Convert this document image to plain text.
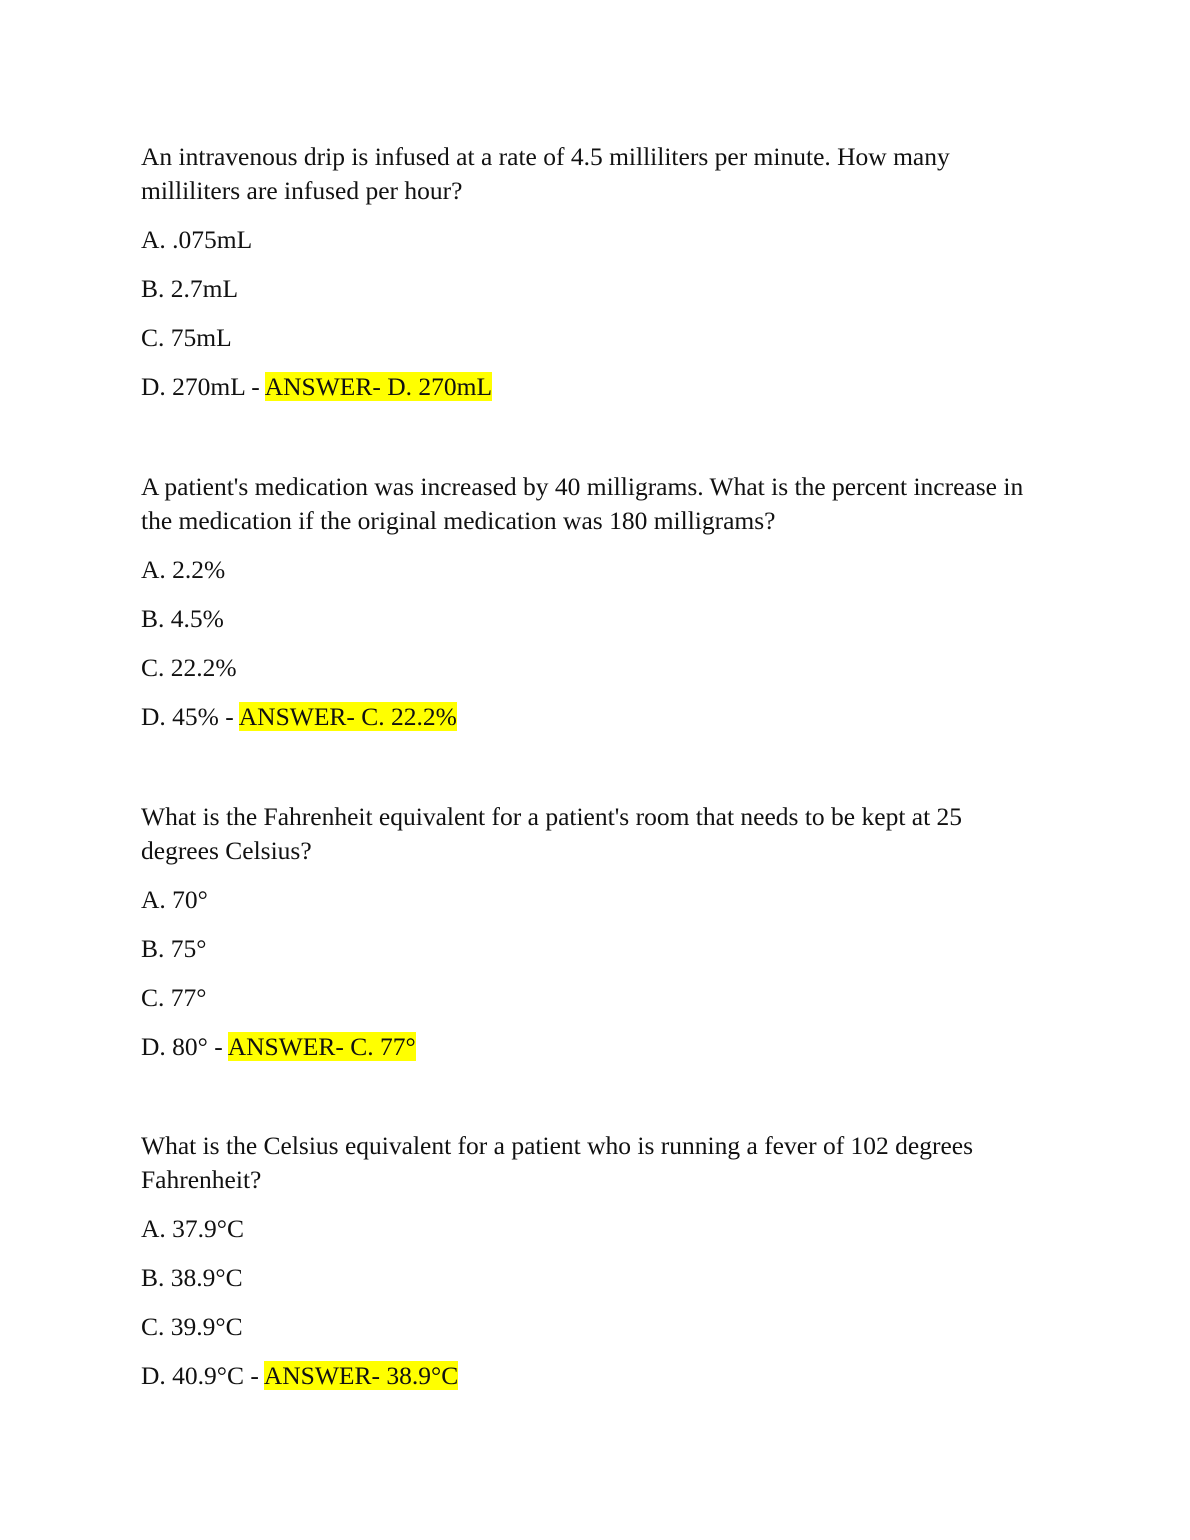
An intravenous drip is infused at a rate of 4.5 milliliters per minute. How many milliliters are infused per hour?

A. .075mL
B. 2.7mL
C. 75mL
D. 270mL - ANSWER- D. 270mL

A patient's medication was increased by 40 milligrams. What is the percent increase in the medication if the original medication was 180 milligrams?

A. 2.2%
B. 4.5%
C. 22.2%
D. 45% - ANSWER- C. 22.2%

What is the Fahrenheit equivalent for a patient's room that needs to be kept at 25 degrees Celsius?

A. 70°
B. 75°
C. 77°
D. 80° - ANSWER- C. 77°

What is the Celsius equivalent for a patient who is running a fever of 102 degrees Fahrenheit?

A. 37.9°C
B. 38.9°C
C. 39.9°C
D. 40.9°C - ANSWER- 38.9°C
